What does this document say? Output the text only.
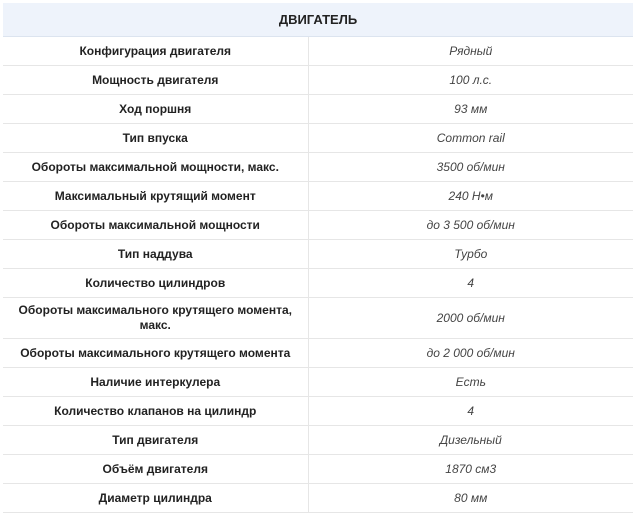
ДВИГАТЕЛЬ	
Конфигурация двигателя	Рядный
Мощность двигателя	100 л.с.
Ход поршня	93 мм
Тип впуска	Common rail
Обороты максимальной мощности, макс.	3500 об/мин
Максимальный крутящий момент	240 Н•м
Обороты максимальной мощности	до 3 500 об/мин
Тип наддува	Турбо
Количество цилиндров	4
Обороты максимального крутящего момента, макс.	2000 об/мин
Обороты максимального крутящего момента	до 2 000 об/мин
Наличие интеркулера	Есть
Количество клапанов на цилиндр	4
Тип двигателя	Дизельный
Объём двигателя	1870 см3
Диаметр цилиндра	80 мм
